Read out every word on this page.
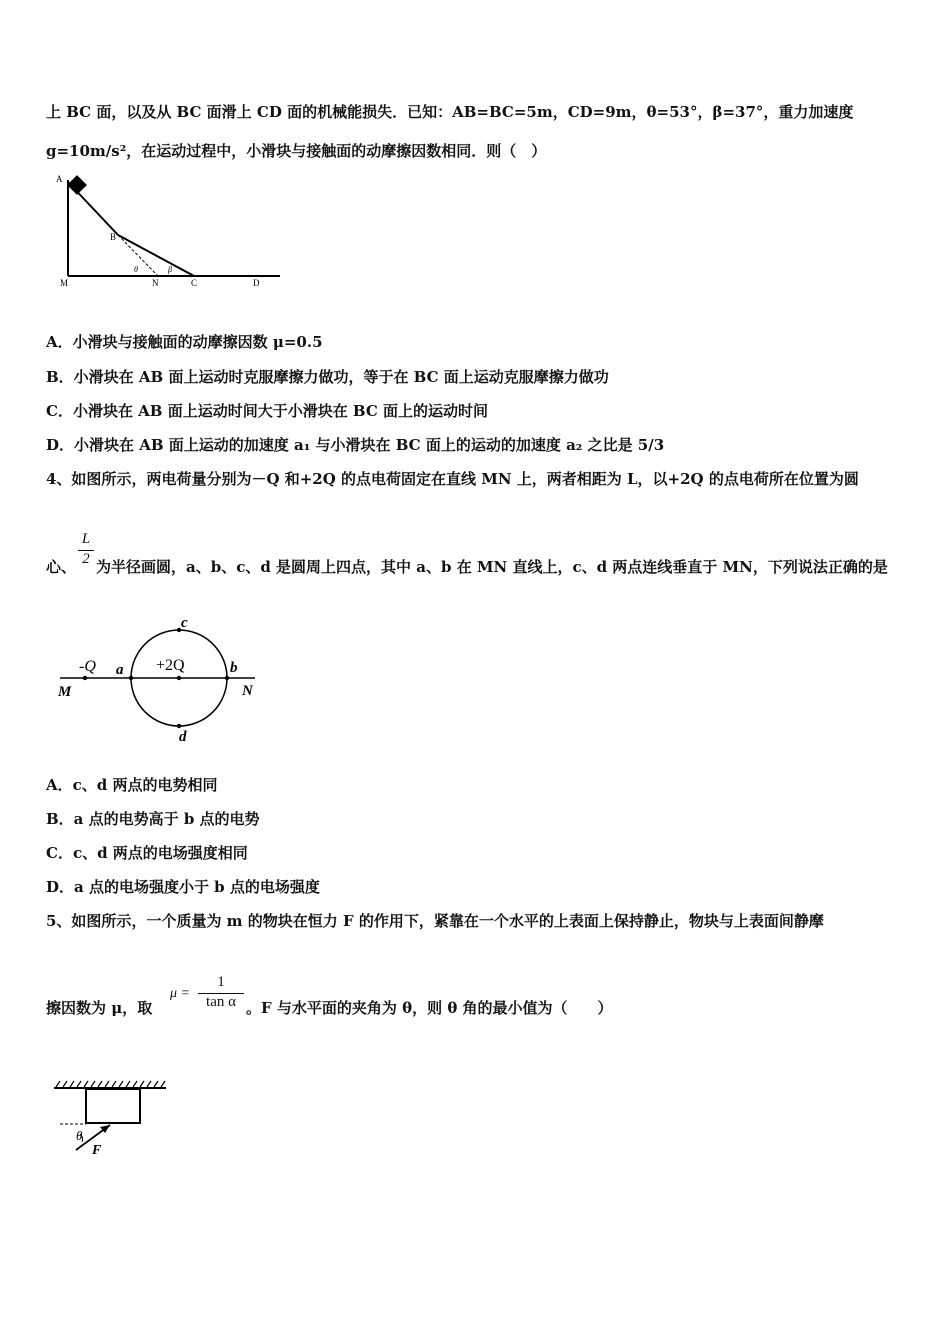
上 BC 面，以及从 BC 面滑上 CD 面的机械能损失．已知：AB=BC=5m，CD=9m，θ=53°，β=37°，重力加速度
g=10m/s²，在运动过程中，小滑块与接触面的动摩擦因数相同．则（　）
A
B
C	D
M	N
θ	β
A．小滑块与接触面的动摩擦因数 μ=0.5
B．小滑块在 AB 面上运动时克服摩擦力做功，等于在 BC 面上运动克服摩擦力做功
C．小滑块在 AB 面上运动时间大于小滑块在 BC 面上的运动时间
D．小滑块在 AB 面上运动的加速度 a₁ 与小滑块在 BC 面上的运动的加速度 a₂ 之比是 5/3
4、如图所示，两电荷量分别为－Q 和+2Q 的点电荷固定在直线 MN 上，两者相距为 L，以+2Q 的点电荷所在位置为圆
$\frac{L}{2}$
心、 为半径画圆，a、b、c、d 是圆周上四点，其中 a、b 在 MN 直线上，c、d 两点连线垂直于 MN，下列说法正确的是
-Q	+2Q
a	b
c
d
M	N
A．c、d 两点的电势相同
B．a 点的电势高于 b 点的电势
C．c、d 两点的电场强度相同
D．a 点的电场强度小于 b 点的电场强度
5、如图所示，一个质量为 m 的物块在恒力 F 的作用下，紧靠在一个水平的上表面上保持静止，物块与上表面间静摩
擦因数为 μ，取
$\mu = \frac{1}{\text{tan α}}$ 。F 与水平面的夹角为 θ，则 θ 角的最小值为（　　）
θ
F
